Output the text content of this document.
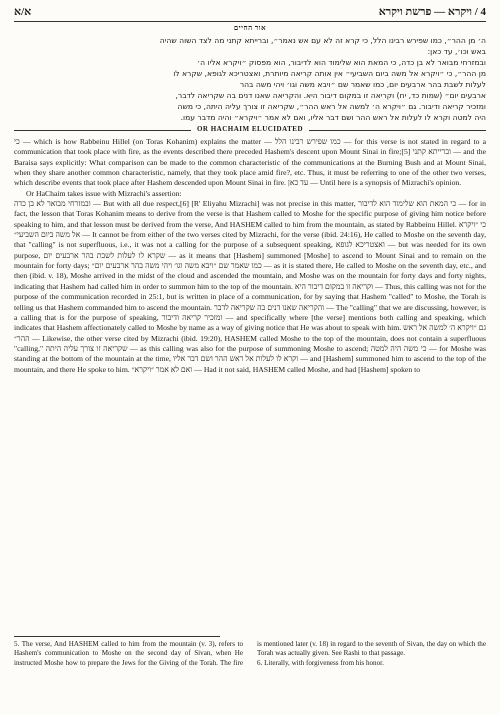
א/א	4 / ויקרא — פרשת ויקרא
אור החיים
ה׳ מן ההר״, כמו שפירש רבינו הלל, כי קרא זה לא עם אש נאמר״, וברייתא קתני מה לצד השוה שהיה
באש וכו׳, עד כאן:
ובמזרחי מבואר לא בן כדה, כי המאת הוא שלימוד הוא לדיבור, הוא מפסוק ״ויקרא אליו ה׳
מן ההר״, כי ״ויקרא אל משה ביום השביעי״ אין אותה קריאה מיותרת, ואצטריכא לגופא, שקרא לו
לעלות לשבת בהר ארבעים יום, כמו שאמר שם ״ויבא משה וגו׳ ויהי משה בהר
ארבעים יום״ (שמות כד, יח) וקריאה זו במקום דיבור היא. והקריאה שאנו דנים בה שקריאה לדבר,
ומזכיר קריאה ודיבור. גם ״ויקרא ה׳ למשה אל ראש ההר״, שקריאה זו צורך עליה היתה, כי משה
היה למטה וקרא לו לעלות אל ראש ההר ושם דבר אליו, ואם לא אמר ״ויקרא״ והיה מדבר עמו.
OR HACHAIM ELUCIDATED

כי — which is how Rabbeinu Hillel (on Toras Kohanim) explains the matter — כמו שפירש רבינו הלל — for this verse is not stated in regard to a communication that took place with fire, as the events described there preceded Hashem's descent upon Mount Sinai in fire;[5] וברייתא קתני — and the Baraisa says explicitly: What comparison can be made to the common characteristic of the communications at the Burning Bush and at Mount Sinai, when they share another common characteristic, namely, that they took place amid fire?, etc. Thus, it must be referring to one of the other two verses, which describe events that took place after Hashem descended upon Mount Sinai in fire. עד כאן — Until here is a synopsis of Mizrachi's opinion.

Or HaChaim takes issue with Mizrachi's assertion:

ובמזרחי מבואר לא בן כדה — But with all due respect,[6] [R' Eliyahu Mizrachi] was not precise in this matter, כי המאת הוא שלימוד הוא לדיבור — for in fact, the lesson that Toras Kohanim means to derive from the verse is that Hashem called to Moshe for the specific purpose of giving him notice before speaking to him, and that lesson must be derived from the verse, And HASHEM called to him from the mountain, as stated by Rabbeinu Hillel. כי ״ויקרא אל משה ביום השביעי״ — It cannot be from either of the two verses cited by Mizrachi, for the verse (ibid. 24:16), He called to Moshe on the seventh day, that "calling" is not superfluous, i.e., it was not a calling for the purpose of a subsequent speaking, ואצטריכא לגופא — but was needed for its own purpose, שקרא לו לעלות לשבת בהר ארבעים יום — as it means that [Hashem] summoned [Moshe] to ascend to Mount Sinai and to remain on the mountain for forty days; כמו שאמר שם ״ויבא משה וגו׳ ויהי משה בהר ארבעים יום״ — as it is stated there, He called to Moshe on the seventh day, etc., and then (ibid. v. 18), Moshe arrived in the midst of the cloud and ascended the mountain, and Moshe was on the mountain for forty days and forty nights, indicating that Hashem had called him in order to summon him to the top of the mountain. וקריאה זו במקום דיבור היא — Thus, this calling was not for the purpose of the communication recorded in 25:1, but is written in place of a communication, for by saying that Hashem "called" to Moshe, the Torah is telling us that Hashem commanded him to ascend the mountain. והקריאה שאנו דנים בה שקריאה לדבר — The "calling" that we are discussing, however, is a calling that is for the purpose of speaking, ומזכיר קריאה ודיבור — and specifically where [the verse] mentions both calling and speaking, which indicates that Hashem affectionately called to Moshe by name as a way of giving notice that He was about to speak with him. גם ״ויקרא ה׳ למשה אל ראש ההר״ — Likewise, the other verse cited by Mizrachi (ibid. 19:20), HASHEM called Moshe to the top of the mountain, does not contain a superfluous "calling," שקריאה זו צורך עליה היתה — as this calling was also for the purpose of summoning Moshe to ascend; כי משה היה למטה — for Moshe was standing at the bottom of the mountain at the time, וקרא לו לעלות אל ראש ההר ושם דבר אליו — and [Hashem] summoned him to ascend to the top of the mountain, and there He spoke to him. ואם לא אמר ״ויקרא״ — Had it not said, HASHEM called Moshe, and had [Hashem] spoken to

5. The verse, And HASHEM called to him from the mountain (v. 3), refers to Hashem's communication to Moshe on the second day of Sivan, when He instructed Moshe how to prepare the Jews for the Giving of the Torah. The fire is mentioned later (v. 18) in regard to the seventh of Sivan, the day on which the Torah was actually given. See Rashi to that passage.

6. Literally, with forgiveness from his honor.
